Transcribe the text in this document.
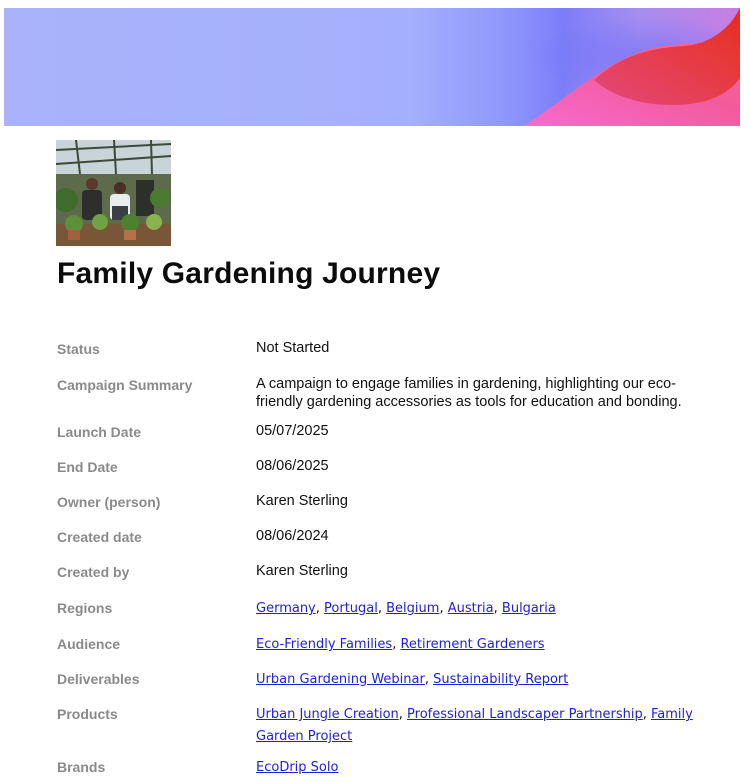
Family Gardening Journey
Status	Not Started
Campaign Summary	A campaign to engage families in gardening, highlighting our eco-friendly gardening accessories as tools for education and bonding.
Launch Date	05/07/2025
End Date	08/06/2025
Owner (person)	Karen Sterling
Created date	08/06/2024
Created by	Karen Sterling
Regions	Germany, Portugal, Belgium, Austria, Bulgaria
Audience	Eco-Friendly Families, Retirement Gardeners
Deliverables	Urban Gardening Webinar, Sustainability Report
Products	Urban Jungle Creation, Professional Landscaper Partnership, Family Garden Project
Brands	EcoDrip Solo
